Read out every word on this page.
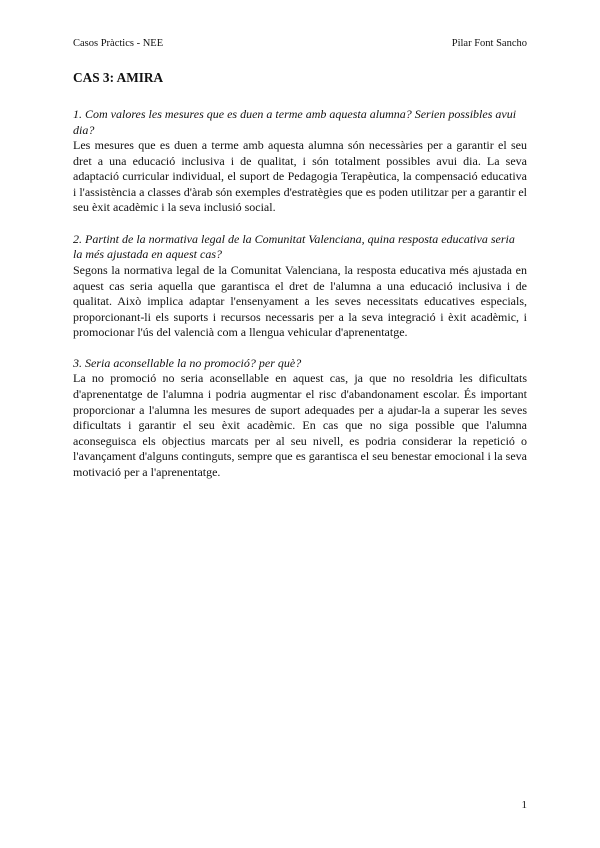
Casos Pràctics - NEE	Pilar Font Sancho
CAS 3: AMIRA

1. Com valores les mesures que es duen a terme amb aquesta alumna? Serien possibles avui dia?

Les mesures que es duen a terme amb aquesta alumna són necessàries per a garantir el seu dret a una educació inclusiva i de qualitat, i són totalment possibles avui dia. La seva adaptació curricular individual, el suport de Pedagogia Terapèutica, la compensació educativa i l'assistència a classes d'àrab són exemples d'estratègies que es poden utilitzar per a garantir el seu èxit acadèmic i la seva inclusió social.

2. Partint de la normativa legal de la Comunitat Valenciana, quina resposta educativa seria la més ajustada en aquest cas?

Segons la normativa legal de la Comunitat Valenciana, la resposta educativa més ajustada en aquest cas seria aquella que garantisca el dret de l'alumna a una educació inclusiva i de qualitat. Això implica adaptar l'ensenyament a les seves necessitats educatives especials, proporcionant-li els suports i recursos necessaris per a la seva integració i èxit acadèmic, i promocionar l'ús del valencià com a llengua vehicular d'aprenentatge.

3. Seria aconsellable la no promoció? per què?

La no promoció no seria aconsellable en aquest cas, ja que no resoldria les dificultats d'aprenentatge de l'alumna i podria augmentar el risc d'abandonament escolar. És important proporcionar a l'alumna les mesures de suport adequades per a ajudar-la a superar les seves dificultats i garantir el seu èxit acadèmic. En cas que no siga possible que l'alumna aconseguisca els objectius marcats per al seu nivell, es podria considerar la repetició o l'avançament d'alguns continguts, sempre que es garantisca el seu benestar emocional i la seva motivació per a l'aprenentatge.

1
